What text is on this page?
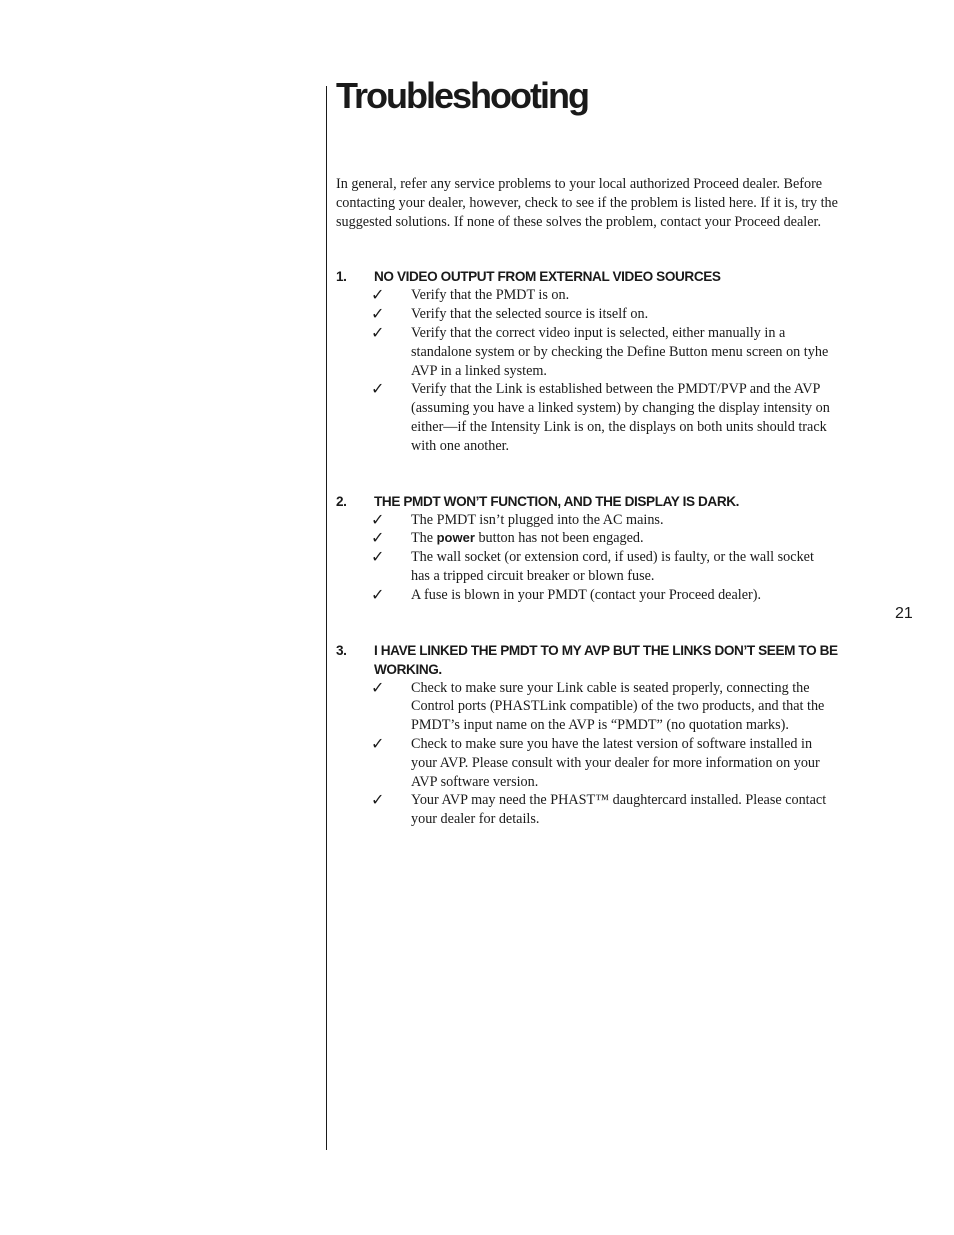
Troubleshooting
21

In general, refer any service problems to your local authorized Proceed dealer. Before contacting your dealer, however, check to see if the problem is listed here. If it is, try the suggested solutions. If none of these solves the problem, contact your Proceed dealer.

1.	NO VIDEO OUTPUT FROM EXTERNAL VIDEO SOURCES
✓	Verify that the PMDT is on.
✓	Verify that the selected source is itself on.
✓	Verify that the correct video input is selected, either manually in a standalone system or by checking the Define Button menu screen on tyhe AVP in a linked system.
✓	Verify that the Link is established between the PMDT/PVP and the AVP (assuming you have a linked system) by changing the display intensity on either—if the Intensity Link is on, the displays on both units should track with one another.
2.	THE PMDT WON’T FUNCTION, AND THE DISPLAY IS DARK.
✓	The PMDT isn’t plugged into the AC mains.
✓	The power button has not been engaged.
✓	The wall socket (or extension cord, if used) is faulty, or the wall socket has a tripped circuit breaker or blown fuse.
✓	A fuse is blown in your PMDT (contact your Proceed dealer).
3.	I HAVE LINKED THE PMDT TO MY AVP BUT THE LINKS DON’T SEEM TO BE WORKING.
✓	Check to make sure your Link cable is seated properly, connecting the Control ports (PHASTLink compatible) of the two products, and that the PMDT’s input name on the AVP is “PMDT” (no quotation marks).
✓	Check to make sure you have the latest version of software installed in your AVP. Please consult with your dealer for more information on your AVP software version.
✓	Your AVP may need the PHAST™ daughtercard installed. Please contact your dealer for details.
